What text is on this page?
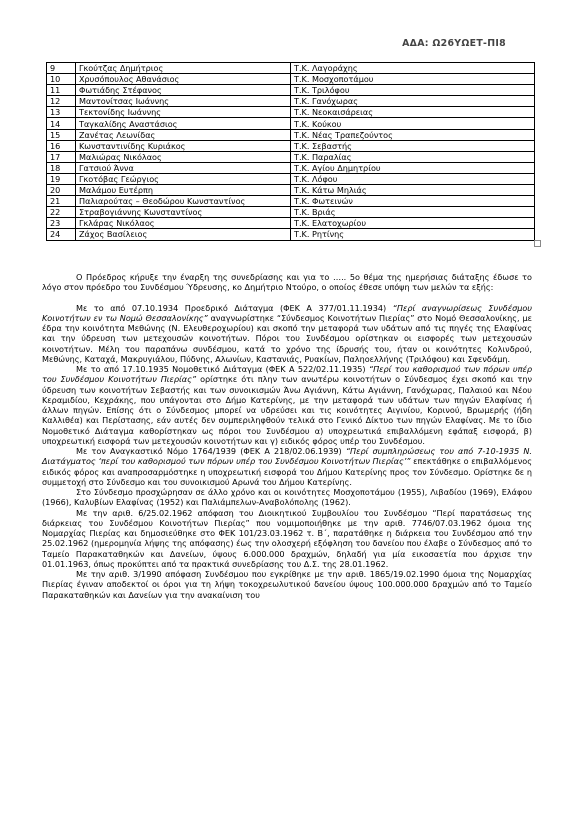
ΑΔΑ: Ω26ΥΩΕΤ-ΠΙ8
9	Γκούτζας Δημήτριος	Τ.Κ. Λαγοράχης
10	Χρυσόπουλος Αθανάσιος	Τ.Κ. Μοσχοποτάμου
11	Φωτιάδης Στέφανος	Τ.Κ. Τριλόφου
12	Μαντονίτσας Ιωάννης	Τ.Κ. Γανόχωρας
13	Τεκτονίδης Ιωάννης	Τ.Κ. Νεοκαισάρειας
14	Ταγκαλίδης Αναστάσιος	Τ.Κ. Κούκου
15	Ζανέτας Λεωνίδας	Τ.Κ. Νέας Τραπεζούντος
16	Κωνσταντινίδης Κυριάκος	Τ.Κ. Σεβαστής
17	Μαλιώρας Νικόλαος	Τ.Κ. Παραλίας
18	Γατσιού Άννα	Τ.Κ. Αγίου Δημητρίου
19	Γκοτόβας Γεώργιος	Τ.Κ. Λόφου
20	Μαλάμου Ευτέρπη	Τ.Κ. Κάτω Μηλιάς
21	Παλιαρούτας – Θεοδώρου Κωνσταντίνος	Τ.Κ. Φωτεινών
22	Στραβογιάννης Κωνσταντίνος	Τ.Κ. Βριάς
23	Γκλάρας Νικόλαος	Τ.Κ. Ελατοχωρίου
24	Ζάχος Βασίλειος	Τ.Κ. Ρητίνης

Ο Πρόεδρος κήρυξε την έναρξη της συνεδρίασης και για το ….. 5ο θέμα της ημερήσιας διάταξης έδωσε το λόγο στον πρόεδρο του Συνδέσμου Ύδρευσης, κο Δημήτριο Ντούρο, ο οποίος έθεσε υπόψη των μελών τα εξής:

Με το από 07.10.1934 Προεδρικό Διάταγμα (ΦΕΚ Α 377/01.11.1934) “Περί αναγνωρίσεως Συνδέσμου Κοινοτήτων εν τω Νομώ Θεσσαλονίκης” αναγνωρίστηκε “Σύνδεσμος Κοινοτήτων Πιερίας” στο Νομό Θεσσαλονίκης, με έδρα την κοινότητα Μεθώνης (Ν. Ελευθεροχωρίου) και σκοπό την μεταφορά των υδάτων από τις πηγές της Ελαφίνας και την ύδρευση των μετεχουσών κοινοτήτων. Πόροι του Συνδέσμου ορίστηκαν οι εισφορές των μετεχουσών κοινοτήτων. Μέλη του παραπάνω συνδέσμου, κατά το χρόνο της ίδρυσής του, ήταν οι κοινότητες Κολινδρού, Μεθώνης, Καταχά, Μακρυγιάλου, Πύδνης, Αλωνίων, Καστανιάς, Ρυακίων, Παληοελλήνης (Τριλόφου) και Σφενδάμη.

Με το από 17.10.1935 Νομοθετικό Διάταγμα (ΦΕΚ Α 522/02.11.1935) “Περί του καθορισμού των πόρων υπέρ του Συνδέσμου Κοινοτήτων Πιερίας” ορίστηκε ότι πλην των ανωτέρω κοινοτήτων ο Σύνδεσμος έχει σκοπό και την ύδρευση των κοινοτήτων Σεβαστής και των συνοικισμών Άνω Αγιάννη, Κάτω Αγιάννη, Γανόχωρας, Παλαιού και Νέου Κεραμιδίου, Κεχράκης, που υπάγονται στο Δήμο Κατερίνης, με την μεταφορά των υδάτων των πηγών Ελαφίνας ή άλλων πηγών. Επίσης ότι ο Σύνδεσμος μπορεί να υδρεύσει και τις κοινότητες Αιγινίου, Κορινού, Βρωμερής (ήδη Καλλιθέα) και Περίστασης, εάν αυτές δεν συμπεριληφθούν τελικά στο Γενικό Δίκτυο των πηγών Ελαφίνας. Με το ίδιο Νομοθετικό Διάταγμα καθορίστηκαν ως πόροι του Συνδέσμου α) υποχρεωτικά επιβαλλόμενη εφάπαξ εισφορά, β) υποχρεωτική εισφορά των μετεχουσών κοινοτήτων και γ) ειδικός φόρος υπέρ του Συνδέσμου.

Με τον Αναγκαστικό Νόμο 1764/1939 (ΦΕΚ Α 218/02.06.1939) “Περί συμπληρώσεως του από 7-10-1935 Ν. Διατάγματος ‘περί του καθορισμού των πόρων υπέρ του Συνδέσμου Κοινοτήτων Πιερίας’” επεκτάθηκε ο επιβαλλόμενος ειδικός φόρος και αναπροσαρμόστηκε η υποχρεωτική εισφορά του Δήμου Κατερίνης προς τον Σύνδεσμο. Ορίστηκε δε η συμμετοχή στο Σύνδεσμο και του συνοικισμού Αρωνά του Δήμου Κατερίνης.

Στο Σύνδεσμο προσχώρησαν σε άλλο χρόνο και οι κοινότητες Μοσχοποτάμου (1955), Λιβαδίου (1969), Ελάφου (1966), Καλυβίων Ελαφίνας (1952) και Παλιάμπελων-Αναβολόπολης (1962).

Με την αριθ. 6/25.02.1962 απόφαση του Διοικητικού Συμβουλίου του Συνδέσμου “Περί παρατάσεως της διάρκειας του Συνδέσμου Κοινοτήτων Πιερίας” που νομιμοποιήθηκε με την αριθ. 7746/07.03.1962 όμοια της Νομαρχίας Πιερίας και δημοσιεύθηκε στο ΦΕΚ 101/23.03.1962 τ. Β΄, παρατάθηκε η διάρκεια του Συνδέσμου από την 25.02.1962 (ημερομηνία λήψης της απόφασης) έως την ολοσχερή εξόφληση του δανείου που έλαβε ο Σύνδεσμος από το Ταμείο Παρακαταθηκών και Δανείων, ύψους 6.000.000 δραχμών, δηλαδή για μία εικοσαετία που άρχισε την 01.01.1963, όπως προκύπτει από τα πρακτικά συνεδρίασης του Δ.Σ. της 28.01.1962.

Με την αριθ. 3/1990 απόφαση Συνδέσμου που εγκρίθηκε με την αριθ. 1865/19.02.1990 όμοια της Νομαρχίας Πιερίας έγιναν αποδεκτοί οι όροι για τη λήψη τοκοχρεωλυτικού δανείου ύψους 100.000.000 δραχμών από το Ταμείο Παρακαταθηκών και Δανείων για την ανακαίνιση του
